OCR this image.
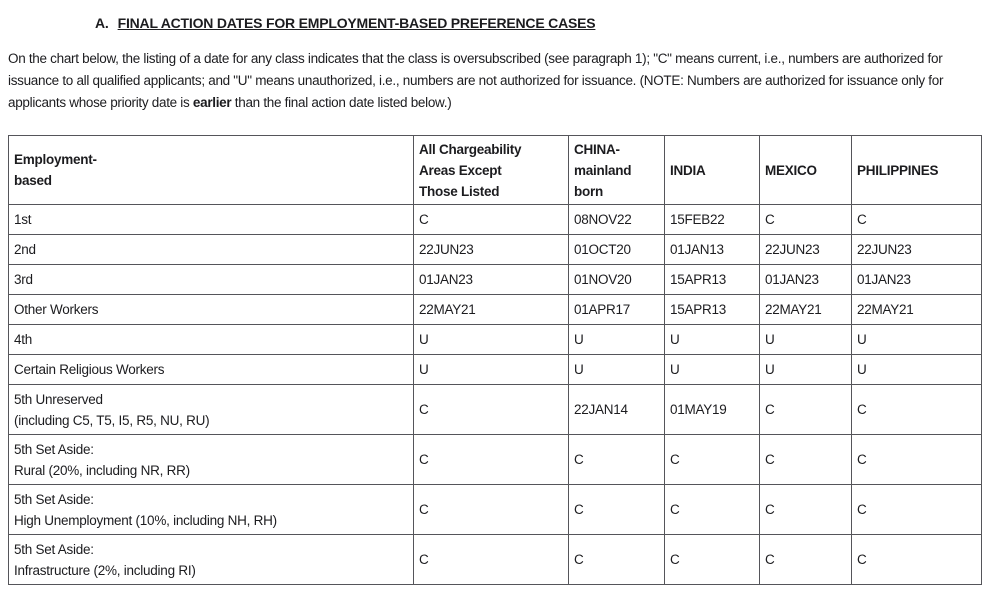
A. FINAL ACTION DATES FOR EMPLOYMENT-BASED PREFERENCE CASES

On the chart below, the listing of a date for any class indicates that the class is oversubscribed (see paragraph 1); "C" means current, i.e., numbers are authorized for issuance to all qualified applicants; and "U" means unauthorized, i.e., numbers are not authorized for issuance. (NOTE: Numbers are authorized for issuance only for applicants whose priority date is earlier than the final action date listed below.)

Employment-
based	All Chargeability
Areas Except
Those Listed	CHINA-
mainland
born	INDIA	MEXICO	PHILIPPINES

1st	C	08NOV22	15FEB22	C	C

2nd	22JUN23	01OCT20	01JAN13	22JUN23	22JUN23

3rd	01JAN23	01NOV20	15APR13	01JAN23	01JAN23

Other Workers	22MAY21	01APR17	15APR13	22MAY21	22MAY21

4th	U	U	U	U	U

Certain Religious Workers	U	U	U	U	U

5th Unreserved
(including C5, T5, I5, R5, NU, RU)	C	22JAN14	01MAY19	C	C

5th Set Aside:
Rural (20%, including NR, RR)	C	C	C	C	C

5th Set Aside:
High Unemployment (10%, including NH, RH)	C	C	C	C	C

5th Set Aside:
Infrastructure (2%, including RI)	C	C	C	C	C
